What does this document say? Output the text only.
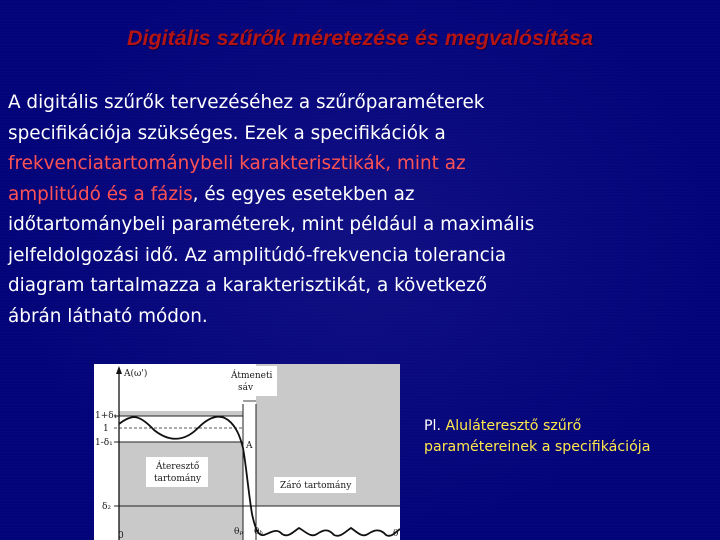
Digitális szűrők méretezése és megvalósítása
A digitális szűrők tervezéséhez a szűrőparaméterek
specifikációja szükséges. Ezek a specifikációk a
frekvenciatartománybeli karakterisztikák, mint az
amplitúdó és a fázis, és egyes esetekben az
időtartománybeli paraméterek, mint például a maximális
jelfeldolgozási idő. Az amplitúdó-frekvencia tolerancia
diagram tartalmazza a karakterisztikát, a következő
ábrán látható módon.
A(ω')	Átmeneti
sáv
1+δ₁
1
1-δ₁
δ₂
A
Áteresztő
tartomány
Záró tartomány
0	θₚ θₕ	θ
Pl. Aluláteresztő szűrő
paramétereinek a specifikációja
